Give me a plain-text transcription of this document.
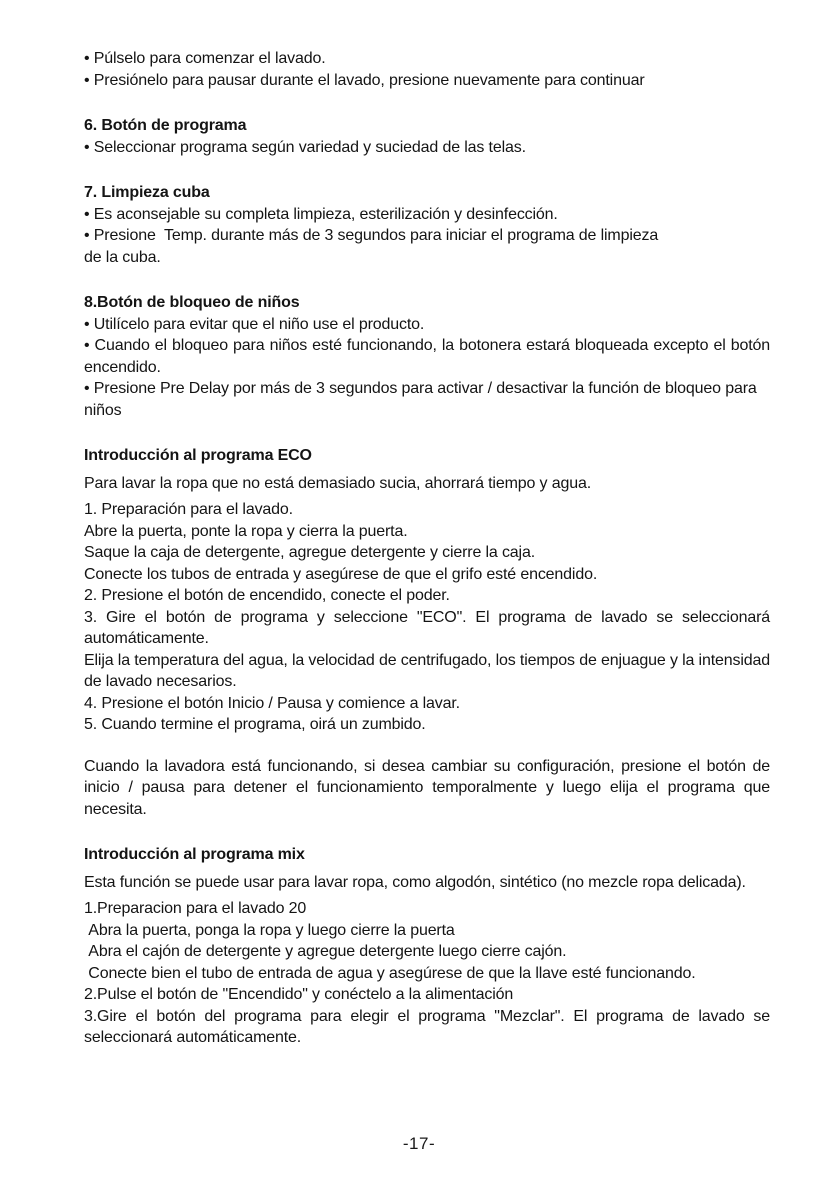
• Púlselo para comenzar el lavado.

• Presiónelo para pausar durante el lavado, presione nuevamente para continuar

6. Botón de programa

• Seleccionar programa según variedad y suciedad de las telas.

7. Limpieza cuba

• Es aconsejable su completa limpieza, esterilización y desinfección.

• Presione  Temp. durante más de 3 segundos para iniciar el programa de limpieza

de la cuba.

8.Botón de bloqueo de niños

• Utilícelo para evitar que el niño use el producto.

• Cuando el bloqueo para niños esté funcionando, la botonera estará bloqueada excepto el botón encendido.

• Presione Pre Delay por más de 3 segundos para activar / desactivar la función de bloqueo para niños

Introducción al programa ECO

Para lavar la ropa que no está demasiado sucia, ahorrará tiempo y agua.

1. Preparación para el lavado.

Abre la puerta, ponte la ropa y cierra la puerta.

Saque la caja de detergente, agregue detergente y cierre la caja.

Conecte los tubos de entrada y asegúrese de que el grifo esté encendido.

2. Presione el botón de encendido, conecte el poder.

3. Gire el botón de programa y seleccione "ECO". El programa de lavado se seleccionará automáticamente.

Elija la temperatura del agua, la velocidad de centrifugado, los tiempos de enjuague y la intensidad de lavado necesarios.

4. Presione el botón Inicio / Pausa y comience a lavar.

5. Cuando termine el programa, oirá un zumbido.

Cuando la lavadora está funcionando, si desea cambiar su configuración, presione el botón de inicio / pausa para detener el funcionamiento temporalmente y luego elija el programa que necesita.

Introducción al programa mix

Esta función se puede usar para lavar ropa, como algodón, sintético (no mezcle ropa delicada).

1.Preparacion para el lavado 20

Abra la puerta, ponga la ropa y luego cierre la puerta

Abra el cajón de detergente y agregue detergente luego cierre cajón.

Conecte bien el tubo de entrada de agua y asegúrese de que la llave esté funcionando.

2.Pulse el botón de "Encendido" y conéctelo a la alimentación

3.Gire el botón del programa para elegir el programa "Mezclar". El programa de lavado se seleccionará automáticamente.

-17-
